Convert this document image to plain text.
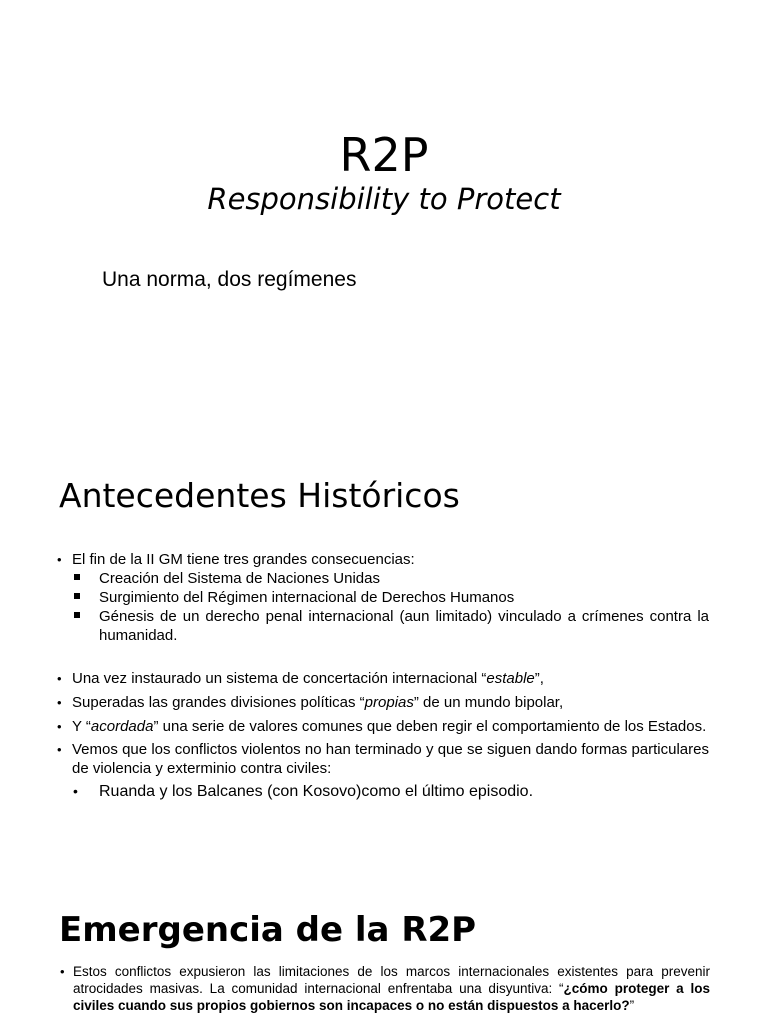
R2P

Responsibility to Protect

Una norma, dos regímenes

Antecedentes Históricos
• El fin de la II GM tiene tres grandes consecuencias:
Creación del Sistema de Naciones Unidas
Surgimiento del Régimen internacional de Derechos Humanos
Génesis de un derecho penal internacional (aun limitado) vinculado a crímenes contra la humanidad.
• Una vez instaurado un sistema de concertación internacional “estable”,
• Superadas las grandes divisiones políticas “propias” de un mundo bipolar,
• Y “acordada” una serie de valores comunes que deben regir el comportamiento de los Estados.
• Vemos que los conflictos violentos no han terminado y que se siguen dando formas particulares de violencia y exterminio contra civiles:
• Ruanda y los Balcanes (con Kosovo)como el último episodio.
Emergencia de la R2P
• Estos conflictos expusieron las limitaciones de los marcos internacionales existentes para prevenir atrocidades masivas. La comunidad internacional enfrentaba una disyuntiva: “¿cómo proteger a los civiles cuando sus propios gobiernos son incapaces o no están dispuestos a hacerlo?”
